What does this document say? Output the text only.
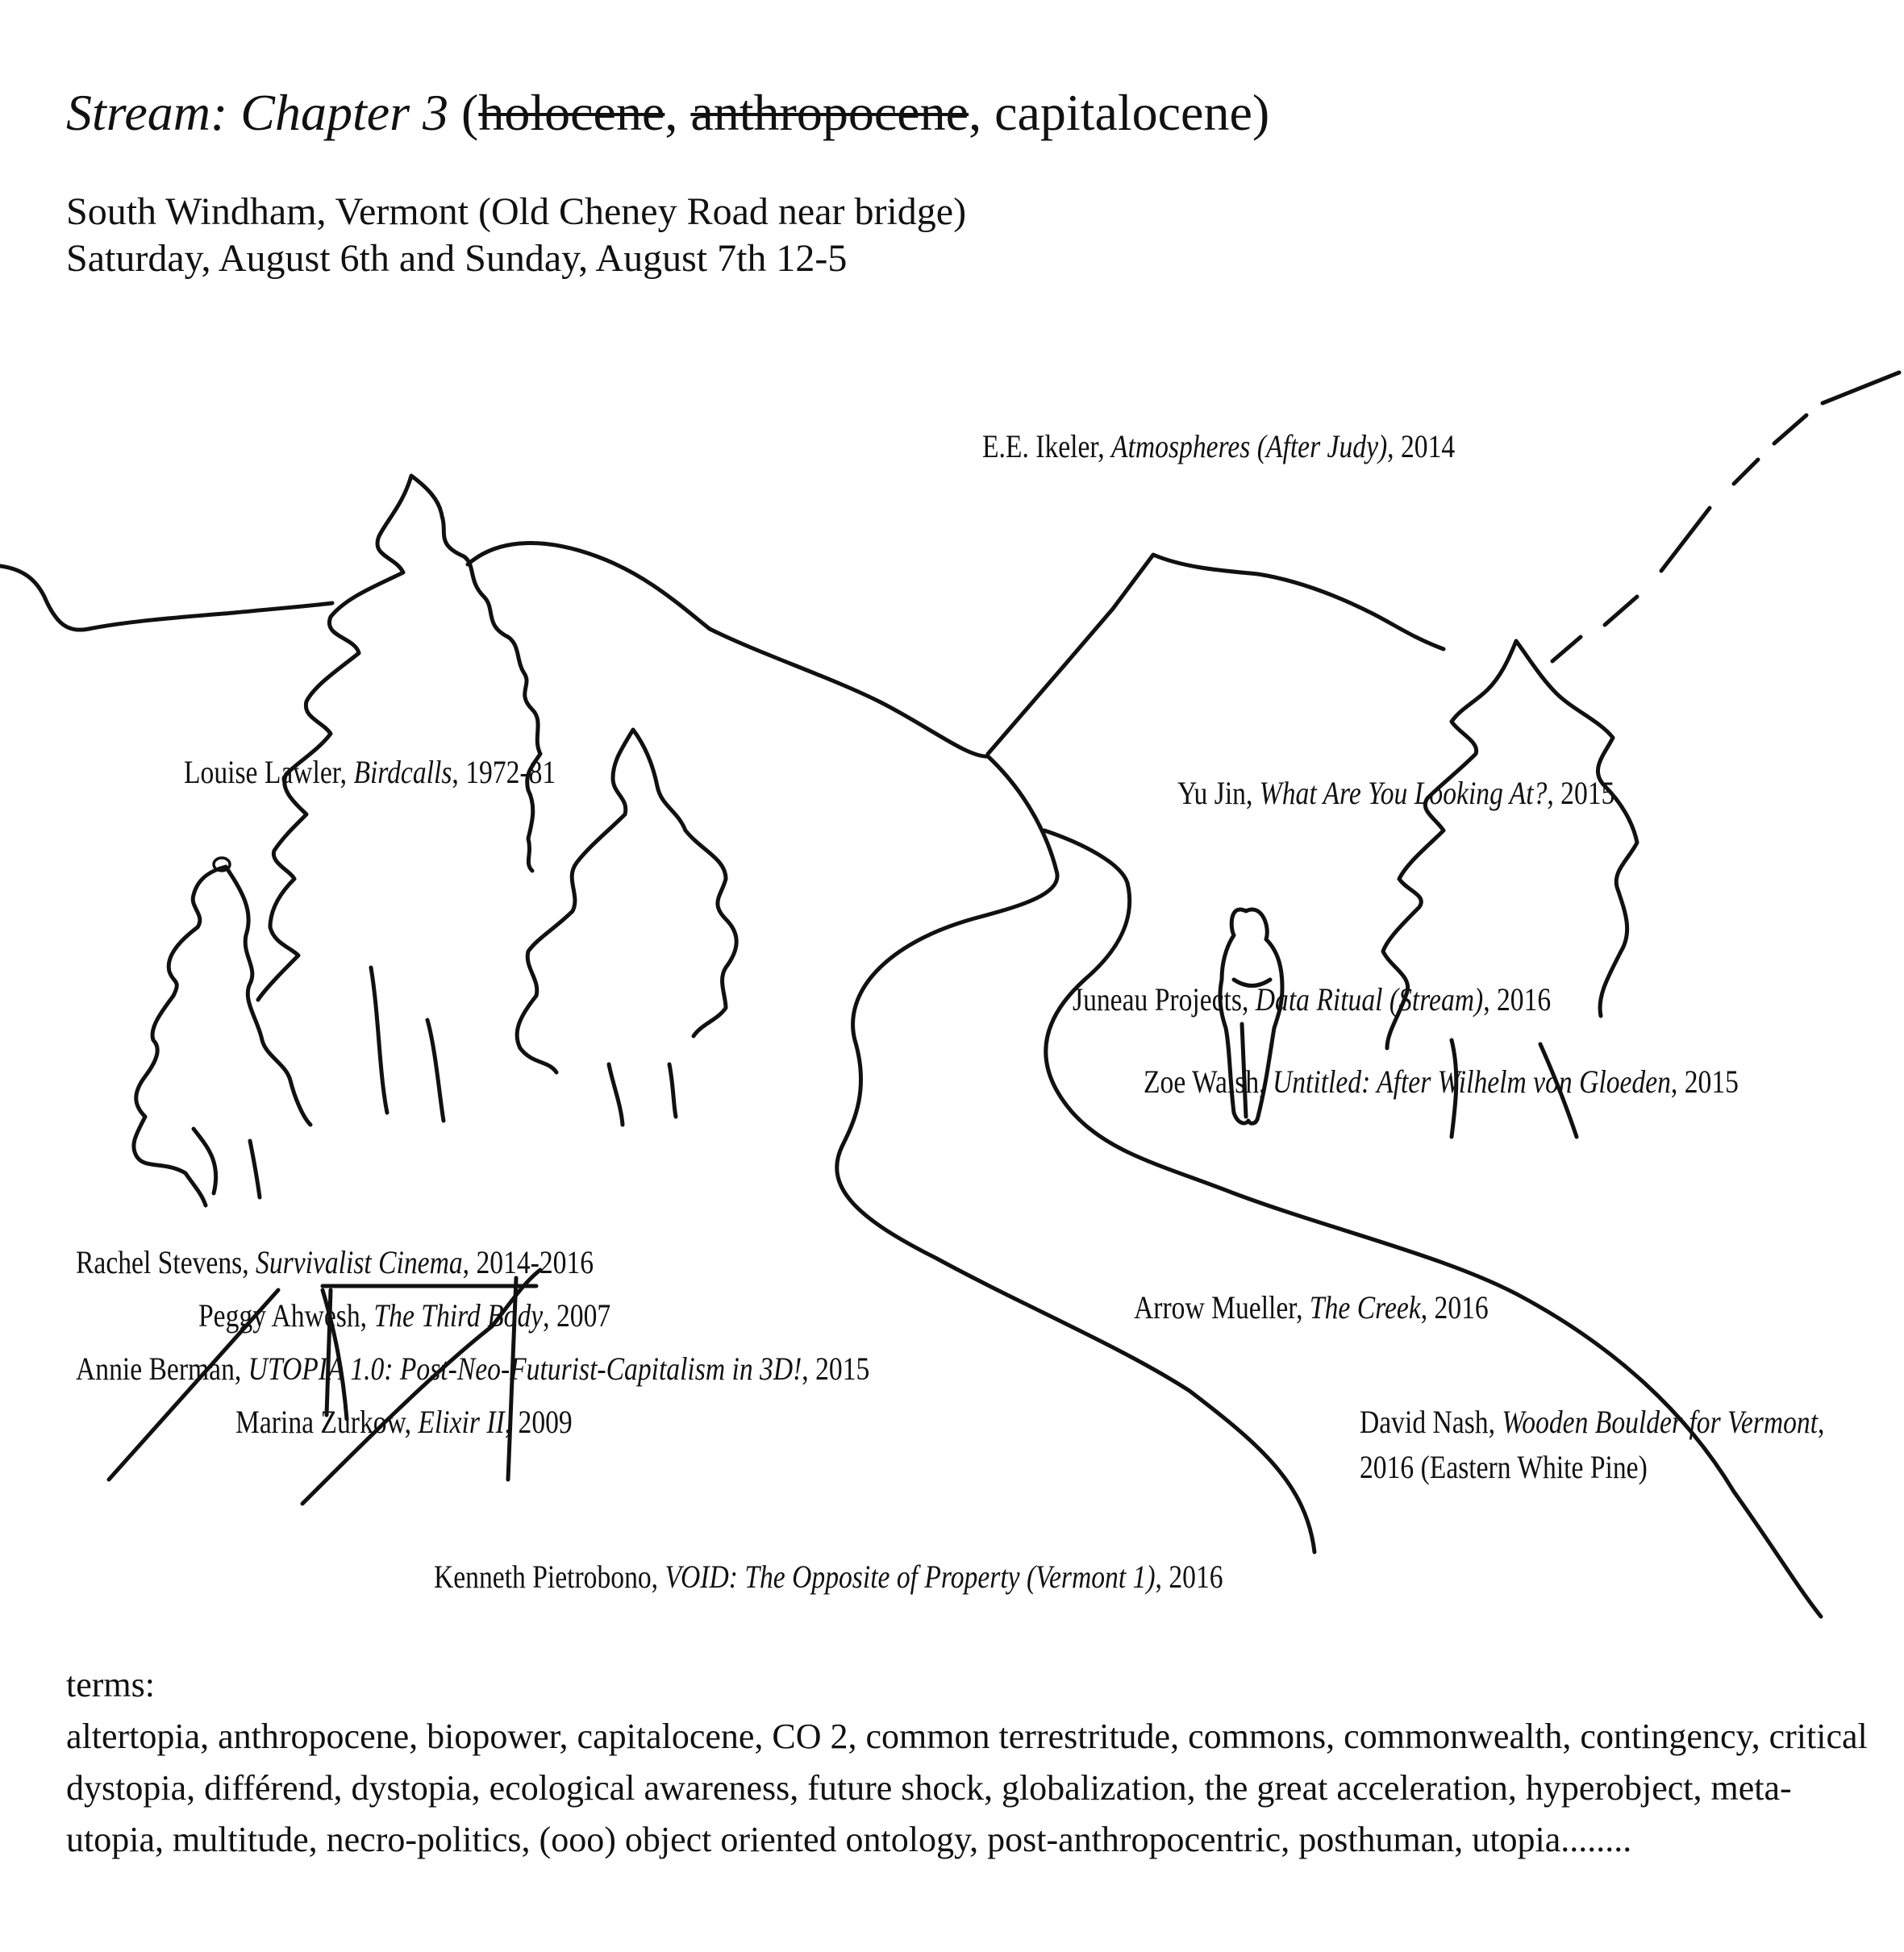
Stream: Chapter 3 (holocene, anthropocene, capitalocene)
South Windham, Vermont (Old Cheney Road near bridge)
Saturday, August 6th and Sunday, August 7th 12-5
E.E. Ikeler, Atmospheres (After Judy), 2014
Louise Lawler, Birdcalls, 1972-81
Yu Jin, What Are You Looking At?, 2015
Juneau Projects, Data Ritual (Stream), 2016
Zoe Walsh, Untitled: After Wilhelm von Gloeden, 2015
Rachel Stevens, Survivalist Cinema, 2014-2016
Peggy Ahwesh, The Third Body, 2007
Annie Berman, UTOPIA 1.0: Post-Neo-Futurist-Capitalism in 3D!, 2015
Marina Zurkow, Elixir II, 2009
Arrow Mueller, The Creek, 2016
David Nash, Wooden Boulder for Vermont,
2016 (Eastern White Pine)
Kenneth Pietrobono, VOID: The Opposite of Property (Vermont 1), 2016

terms:

altertopia, anthropocene, biopower, capitalocene, CO 2, common terrestritude, commons, commonwealth, contingency, critical dystopia, différend, dystopia, ecological awareness, future shock, globalization, the great acceleration, hyperobject, meta-utopia, multitude, necro-politics, (ooo) object oriented ontology, post-anthropocentric, posthuman, utopia........
